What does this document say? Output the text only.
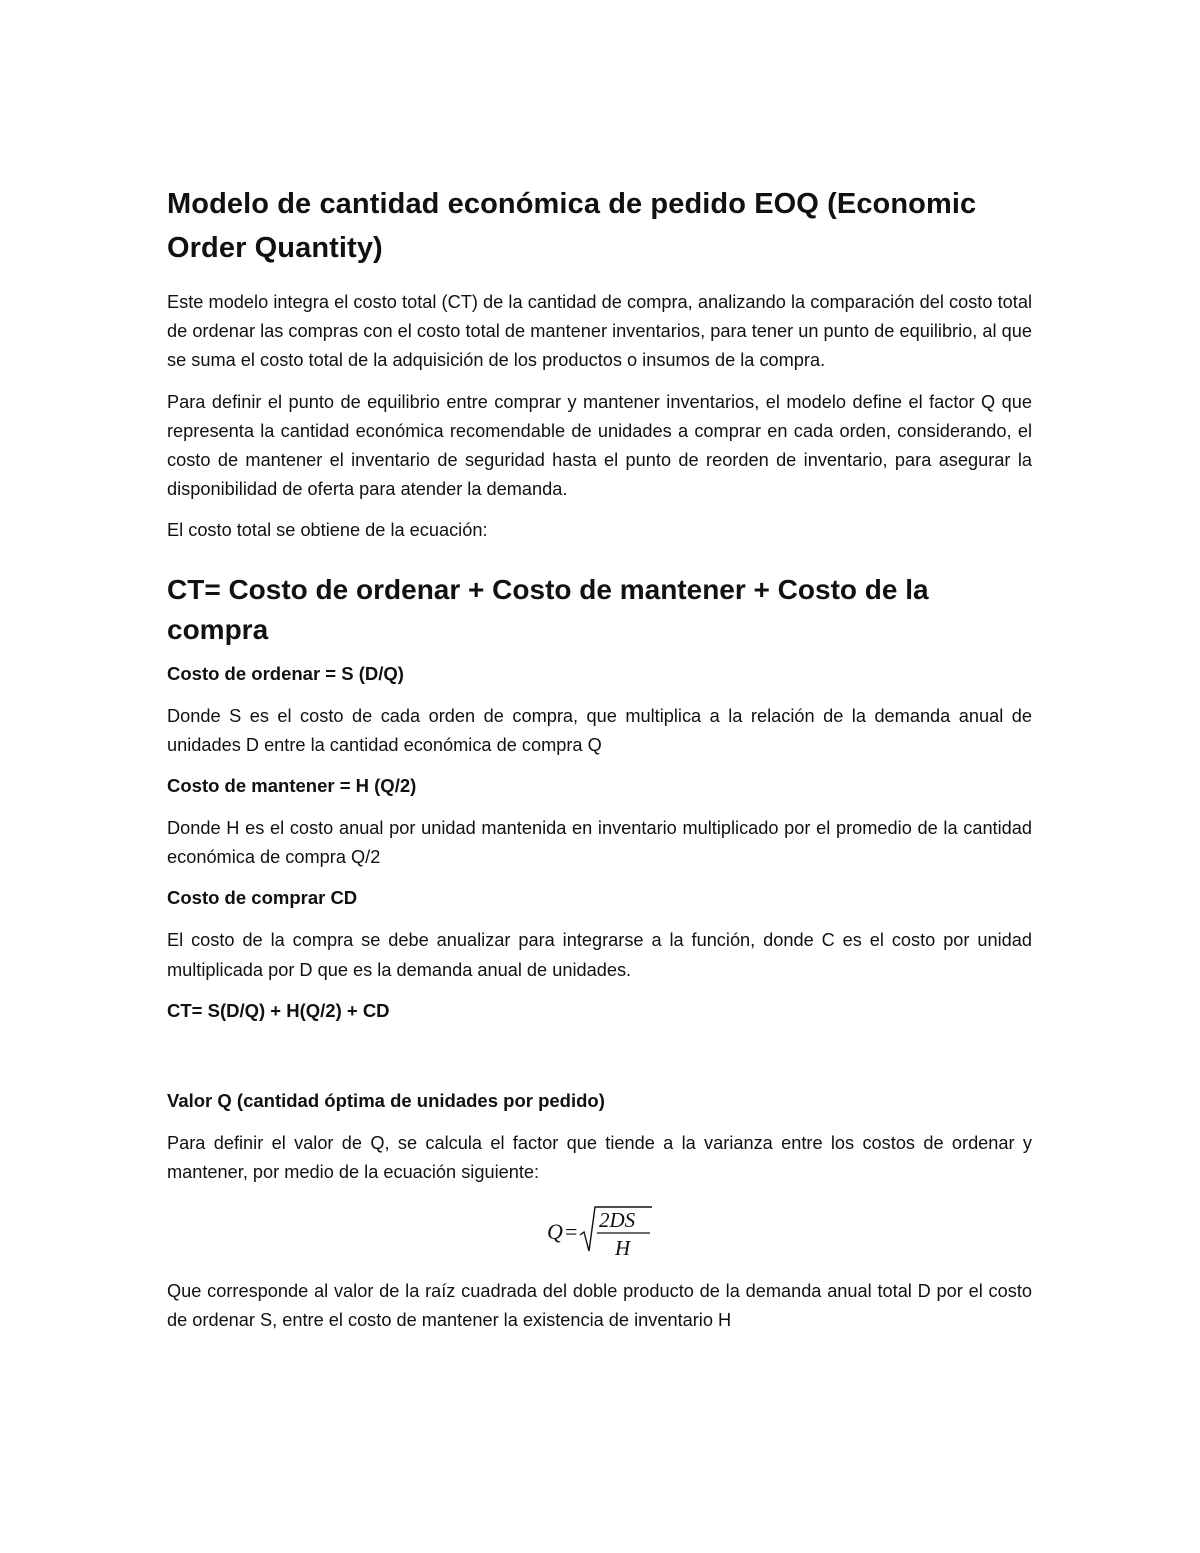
Modelo de cantidad económica de pedido EOQ (Economic Order Quantity)

Este modelo integra el costo total (CT) de la cantidad de compra, analizando la comparación del costo total de ordenar las compras con el costo total de mantener inventarios, para tener un punto de equilibrio, al que se suma el costo total de la adquisición de los productos o insumos de la compra.

Para definir el punto de equilibrio entre comprar y mantener inventarios, el modelo define el factor Q que representa la cantidad económica recomendable de unidades a comprar en cada orden, considerando, el costo de mantener el inventario de seguridad hasta el punto de reorden de inventario, para asegurar la disponibilidad de oferta para atender la demanda.

El costo total se obtiene de la ecuación:

CT= Costo de ordenar + Costo de mantener + Costo de la compra
Costo de ordenar = S (D/Q)

Donde S es el costo de cada orden de compra, que multiplica a la relación de la demanda anual de unidades D entre la cantidad económica de compra Q

Costo de mantener = H (Q/2)

Donde H es el costo anual por unidad mantenida en inventario multiplicado por el promedio de la cantidad económica de compra Q/2

Costo de comprar CD

El costo de la compra se debe anualizar para integrarse a la función, donde C es el costo por unidad multiplicada por D que es la demanda anual de unidades.

CT= S(D/Q) + H(Q/2) + CD
Valor Q (cantidad óptima de unidades por pedido)

Para definir el valor de Q, se calcula el factor que tiende a la varianza entre los costos de ordenar y mantener, por medio de la ecuación siguiente:

Q = 2DS
H

Que corresponde al valor de la raíz cuadrada del doble producto de la demanda anual total D por el costo de ordenar S, entre el costo de mantener la existencia de inventario H
